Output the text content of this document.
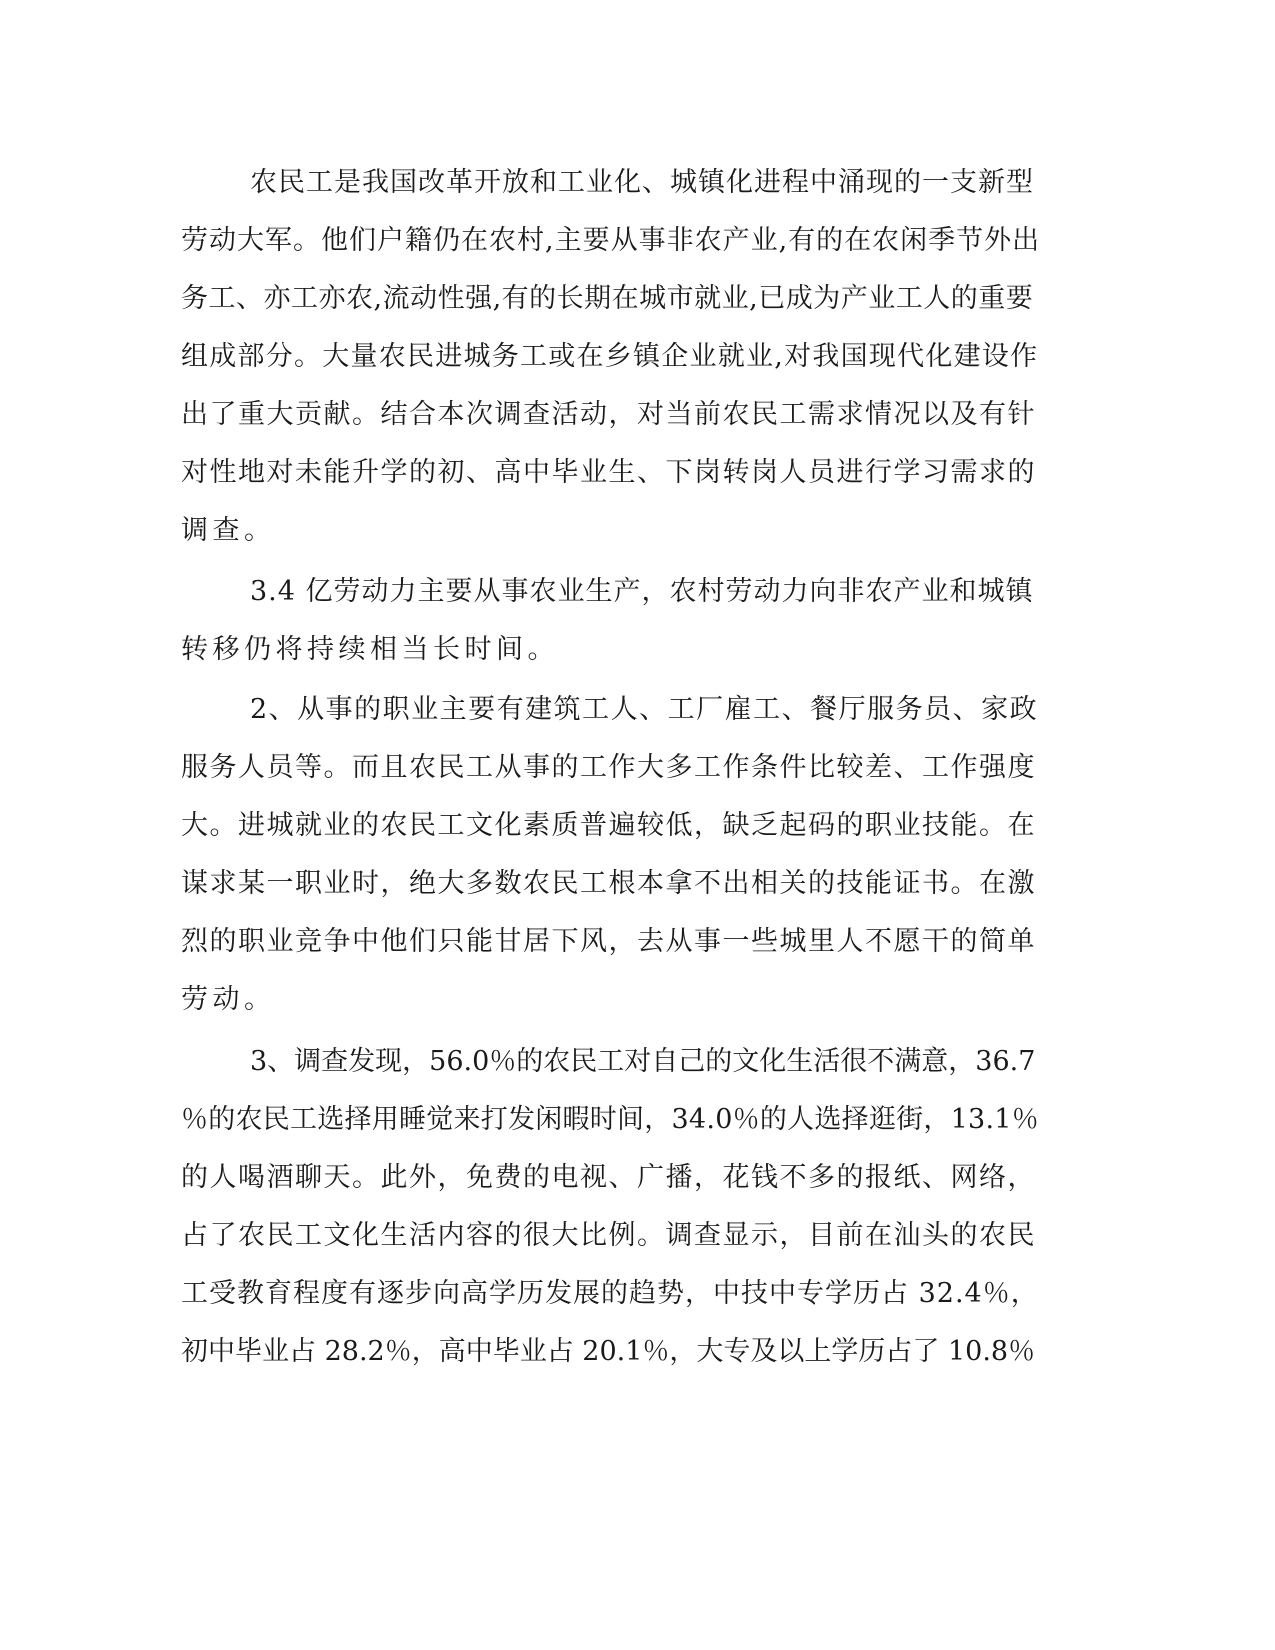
农民工是我国改革开放和工业化、城镇化进程中涌现的一支新型
劳动大军。他们户籍仍在农村,主要从事非农产业,有的在农闲季节外出
务工、亦工亦农,流动性强,有的长期在城市就业,已成为产业工人的重要
组成部分。大量农民进城务工或在乡镇企业就业,对我国现代化建设作
出了重大贡献。结合本次调查活动，对当前农民工需求情况以及有针
对性地对未能升学的初、高中毕业生、下岗转岗人员进行学习需求的
调查。
3.4 亿劳动力主要从事农业生产，农村劳动力向非农产业和城镇
转移仍将持续相当长时间。
2、从事的职业主要有建筑工人、工厂雇工、餐厅服务员、家政
服务人员等。而且农民工从事的工作大多工作条件比较差、工作强度
大。进城就业的农民工文化素质普遍较低，缺乏起码的职业技能。在
谋求某一职业时，绝大多数农民工根本拿不出相关的技能证书。在激
烈的职业竞争中他们只能甘居下风，去从事一些城里人不愿干的简单
劳动。
3、调查发现，56.0％的农民工对自己的文化生活很不满意，36.7
％的农民工选择用睡觉来打发闲暇时间，34.0％的人选择逛街，13.1％
的人喝酒聊天。此外，免费的电视、广播，花钱不多的报纸、网络，
占了农民工文化生活内容的很大比例。调查显示，目前在汕头的农民
工受教育程度有逐步向高学历发展的趋势，中技中专学历占 32.4％，
初中毕业占 28.2％，高中毕业占 20.1％，大专及以上学历占了 10.8％
